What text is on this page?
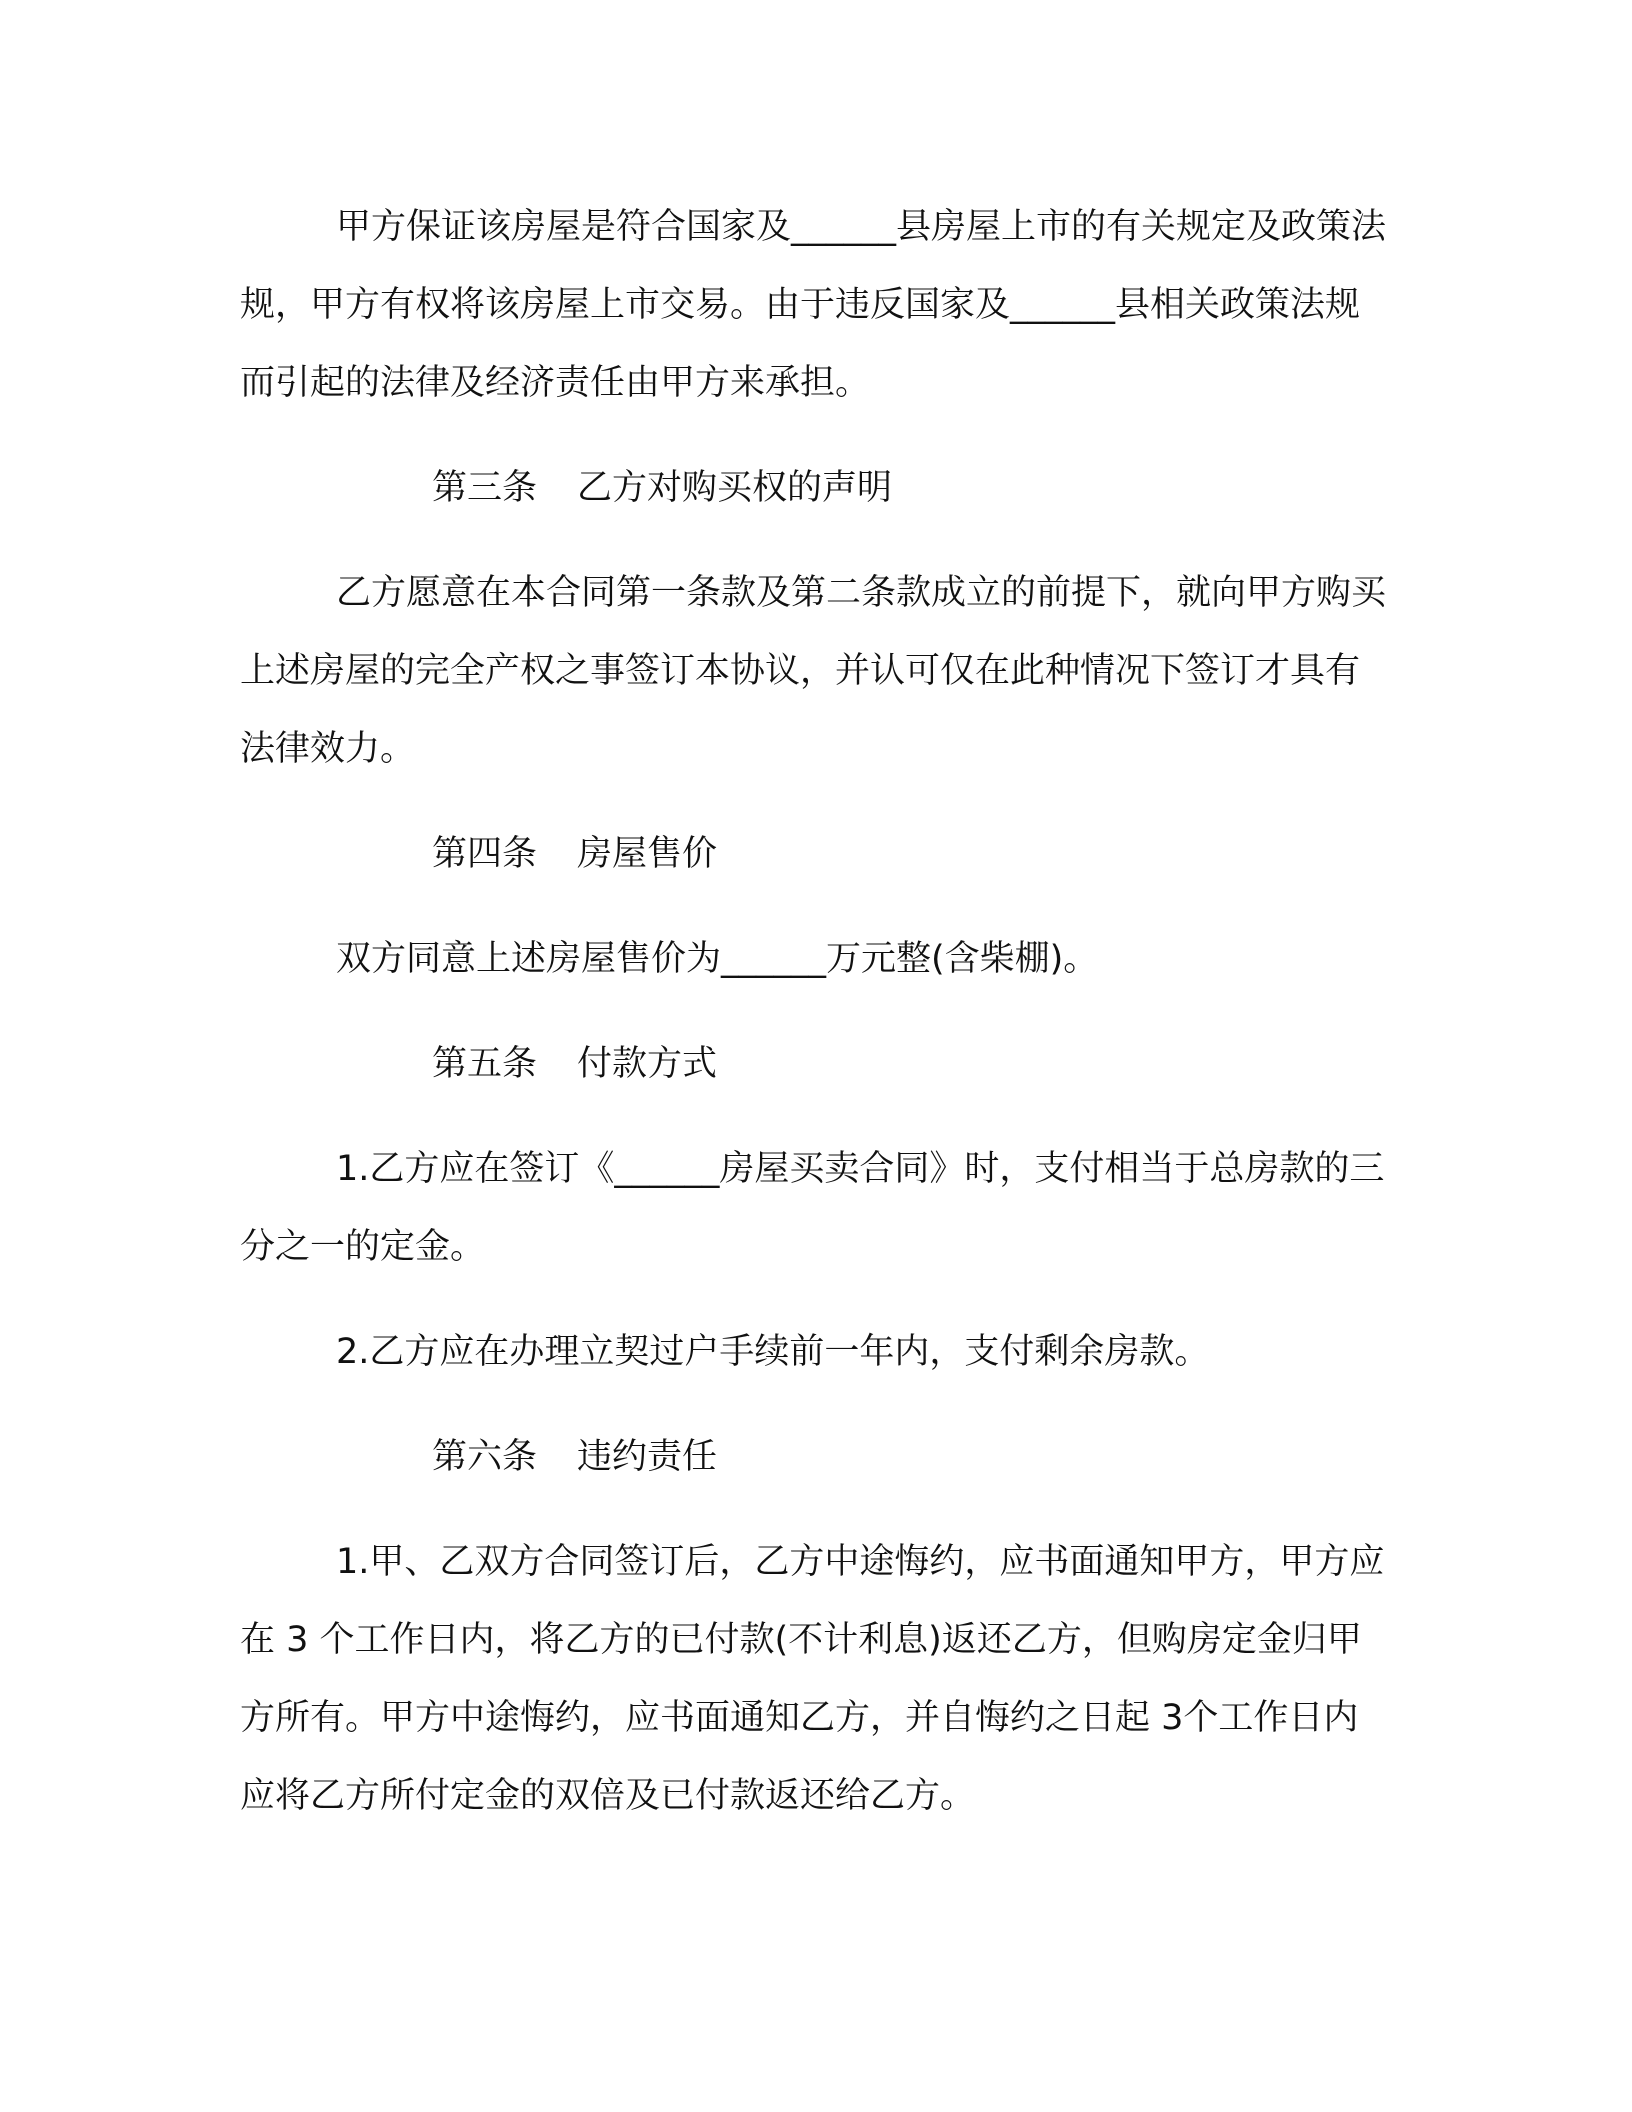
甲方保证该房屋是符合国家及______县房屋上市的有关规定及政策法规，甲方有权将该房屋上市交易。由于违反国家及______县相关政策法规而引起的法律及经济责任由甲方来承担。

第三条 乙方对购买权的声明

乙方愿意在本合同第一条款及第二条款成立的前提下，就向甲方购买上述房屋的完全产权之事签订本协议，并认可仅在此种情况下签订才具有法律效力。

第四条 房屋售价

双方同意上述房屋售价为______万元整(含柴棚)。

第五条 付款方式

1.乙方应在签订《______房屋买卖合同》时，支付相当于总房款的三分之一的定金。

2.乙方应在办理立契过户手续前一年内，支付剩余房款。

第六条 违约责任

1.甲、乙双方合同签订后，乙方中途悔约，应书面通知甲方，甲方应在 3 个工作日内，将乙方的已付款(不计利息)返还乙方，但购房定金归甲方所有。甲方中途悔约，应书面通知乙方，并自悔约之日起 3个工作日内应将乙方所付定金的双倍及已付款返还给乙方。
